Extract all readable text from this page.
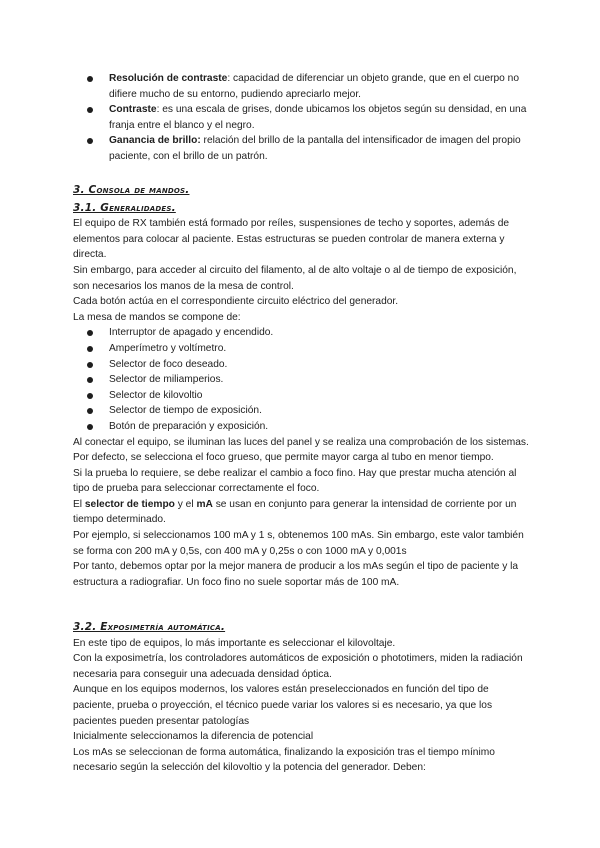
Resolución de contraste: capacidad de diferenciar un objeto grande, que en el cuerpo no difiere mucho de su entorno, pudiendo apreciarlo mejor.
Contraste: es una escala de grises, donde ubicamos los objetos según su densidad, en una franja entre el blanco y el negro.
Ganancia de brillo: relación del brillo de la pantalla del intensificador de imagen del propio paciente, con el brillo de un patrón.
3. Consola de mandos.
3.1. Generalidades.

El equipo de RX también está formado por reíles, suspensiones de techo y soportes, además de elementos para colocar al paciente. Estas estructuras se pueden controlar de manera externa y directa.

Sin embargo, para acceder al circuito del filamento, al de alto voltaje o al de tiempo de exposición, son necesarios los manos de la mesa de control.

Cada botón actúa en el correspondiente circuito eléctrico del generador.

La mesa de mandos se compone de:

Interruptor de apagado y encendido.
Amperímetro y voltímetro.
Selector de foco deseado.
Selector de miliamperios.
Selector de kilovoltio
Selector de tiempo de exposición.
Botón de preparación y exposición.

Al conectar el equipo, se iluminan las luces del panel y se realiza una comprobación de los sistemas.

Por defecto, se selecciona el foco grueso, que permite mayor carga al tubo en menor tiempo.

Si la prueba lo requiere, se debe realizar el cambio a foco fino. Hay que prestar mucha atención al tipo de prueba para seleccionar correctamente el foco.

El selector de tiempo y el mA se usan en conjunto para generar la intensidad de corriente por un tiempo determinado.

Por ejemplo, si seleccionamos 100 mA y 1 s, obtenemos 100 mAs. Sin embargo, este valor también se forma con 200 mA y 0,5s, con 400 mA y 0,25s o con 1000 mA y 0,001s

Por tanto, debemos optar por la mejor manera de producir a los mAs según el tipo de paciente y la estructura a radiografiar. Un foco fino no suele soportar más de 100 mA.

3.2. Exposimetría automática.

En este tipo de equipos, lo más importante es seleccionar el kilovoltaje.

Con la exposimetría, los controladores automáticos de exposición o phototimers, miden la radiación necesaria para conseguir una adecuada densidad óptica.

Aunque en los equipos modernos, los valores están preseleccionados en función del tipo de paciente, prueba o proyección, el técnico puede variar los valores si es necesario, ya que los pacientes pueden presentar patologías

Inicialmente seleccionamos la diferencia de potencial

Los mAs se seleccionan de forma automática, finalizando la exposición tras el tiempo mínimo necesario según la selección del kilovoltio y la potencia del generador. Deben:
